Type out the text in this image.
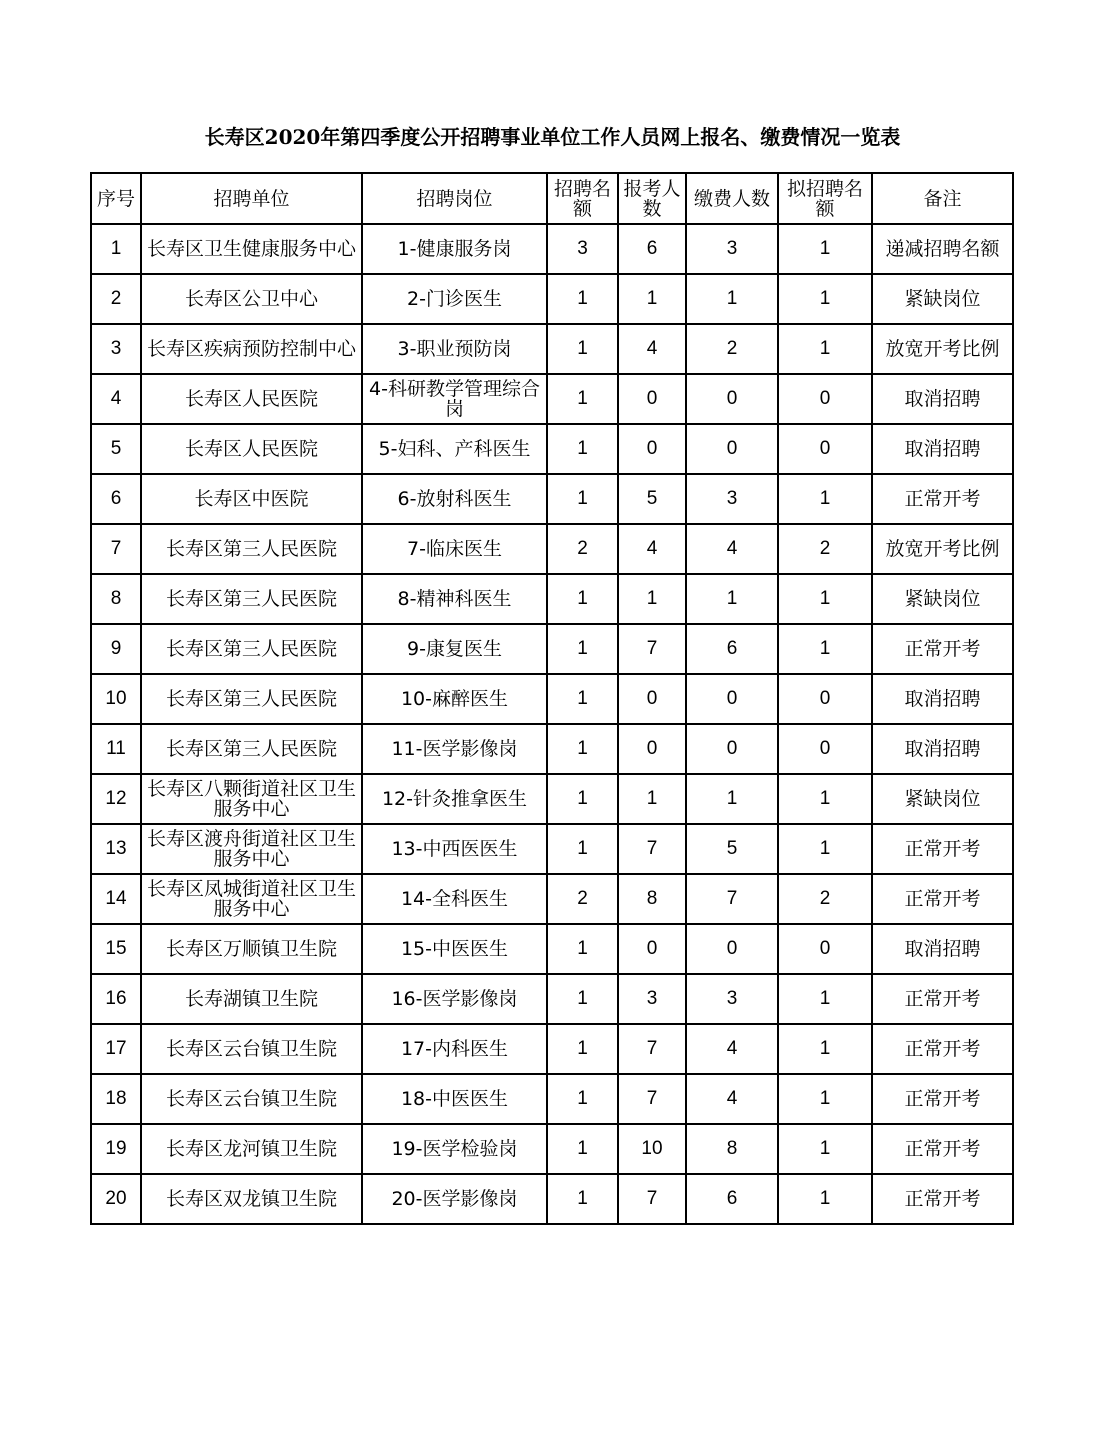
长寿区2020年第四季度公开招聘事业单位工作人员网上报名、缴费情况一览表
序号	招聘单位	招聘岗位	招聘名额	报考人数	缴费人数	拟招聘名额	备注
1	长寿区卫生健康服务中心	1-健康服务岗	3	6	3	1	递减招聘名额
2	长寿区公卫中心	2-门诊医生	1	1	1	1	紧缺岗位
3	长寿区疾病预防控制中心	3-职业预防岗	1	4	2	1	放宽开考比例
4	长寿区人民医院	4-科研教学管理综合岗	1	0	0	0	取消招聘
5	长寿区人民医院	5-妇科、产科医生	1	0	0	0	取消招聘
6	长寿区中医院	6-放射科医生	1	5	3	1	正常开考
7	长寿区第三人民医院	7-临床医生	2	4	4	2	放宽开考比例
8	长寿区第三人民医院	8-精神科医生	1	1	1	1	紧缺岗位
9	长寿区第三人民医院	9-康复医生	1	7	6	1	正常开考
10	长寿区第三人民医院	10-麻醉医生	1	0	0	0	取消招聘
11	长寿区第三人民医院	11-医学影像岗	1	0	0	0	取消招聘
12	长寿区八颗街道社区卫生服务中心	12-针灸推拿医生	1	1	1	1	紧缺岗位
13	长寿区渡舟街道社区卫生服务中心	13-中西医医生	1	7	5	1	正常开考
14	长寿区凤城街道社区卫生服务中心	14-全科医生	2	8	7	2	正常开考
15	长寿区万顺镇卫生院	15-中医医生	1	0	0	0	取消招聘
16	长寿湖镇卫生院	16-医学影像岗	1	3	3	1	正常开考
17	长寿区云台镇卫生院	17-内科医生	1	7	4	1	正常开考
18	长寿区云台镇卫生院	18-中医医生	1	7	4	1	正常开考
19	长寿区龙河镇卫生院	19-医学检验岗	1	10	8	1	正常开考
20	长寿区双龙镇卫生院	20-医学影像岗	1	7	6	1	正常开考
